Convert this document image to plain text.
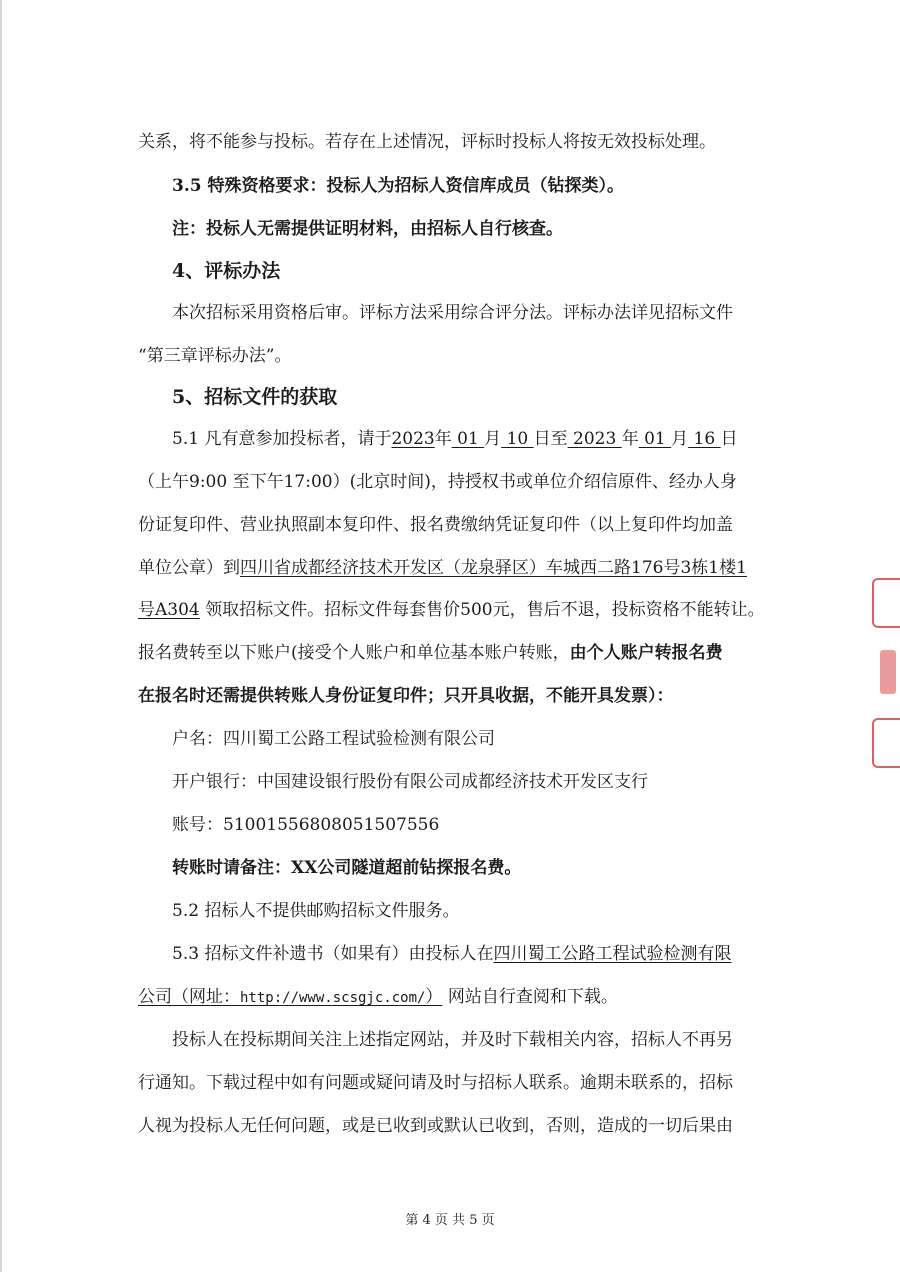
关系，将不能参与投标。若存在上述情况，评标时投标人将按无效投标处理。
3.5 特殊资格要求：投标人为招标人资信库成员（钻探类）。
注：投标人无需提供证明材料，由招标人自行核查。
4、评标办法
本次招标采用资格后审。评标方法采用综合评分法。评标办法详见招标文件
“第三章评标办法”。
5、招标文件的获取
5.1 凡有意参加投标者，请于2023年 01 月 10 日至 2023 年 01 月 16 日
（上午9:00 至下午17:00）(北京时间)，持授权书或单位介绍信原件、经办人身
份证复印件、营业执照副本复印件、报名费缴纳凭证复印件（以上复印件均加盖
单位公章）到四川省成都经济技术开发区（龙泉驿区）车城西二路176号3栋1楼1
号A304 领取招标文件。招标文件每套售价500元，售后不退，投标资格不能转让。
报名费转至以下账户(接受个人账户和单位基本账户转账，由个人账户转报名费
在报名时还需提供转账人身份证复印件；只开具收据，不能开具发票）：
户名：四川蜀工公路工程试验检测有限公司
开户银行：中国建设银行股份有限公司成都经济技术开发区支行
账号：51001556808051507556
转账时请备注：XX公司隧道超前钻探报名费。
5.2 招标人不提供邮购招标文件服务。
5.3 招标文件补遗书（如果有）由投标人在四川蜀工公路工程试验检测有限
公司（网址：http://www.scsgjc.com/） 网站自行查阅和下载。
投标人在投标期间关注上述指定网站，并及时下载相关内容，招标人不再另
行通知。下载过程中如有问题或疑问请及时与招标人联系。逾期未联系的，招标
人视为投标人无任何问题，或是已收到或默认已收到，否则，造成的一切后果由
第 4 页 共 5 页
